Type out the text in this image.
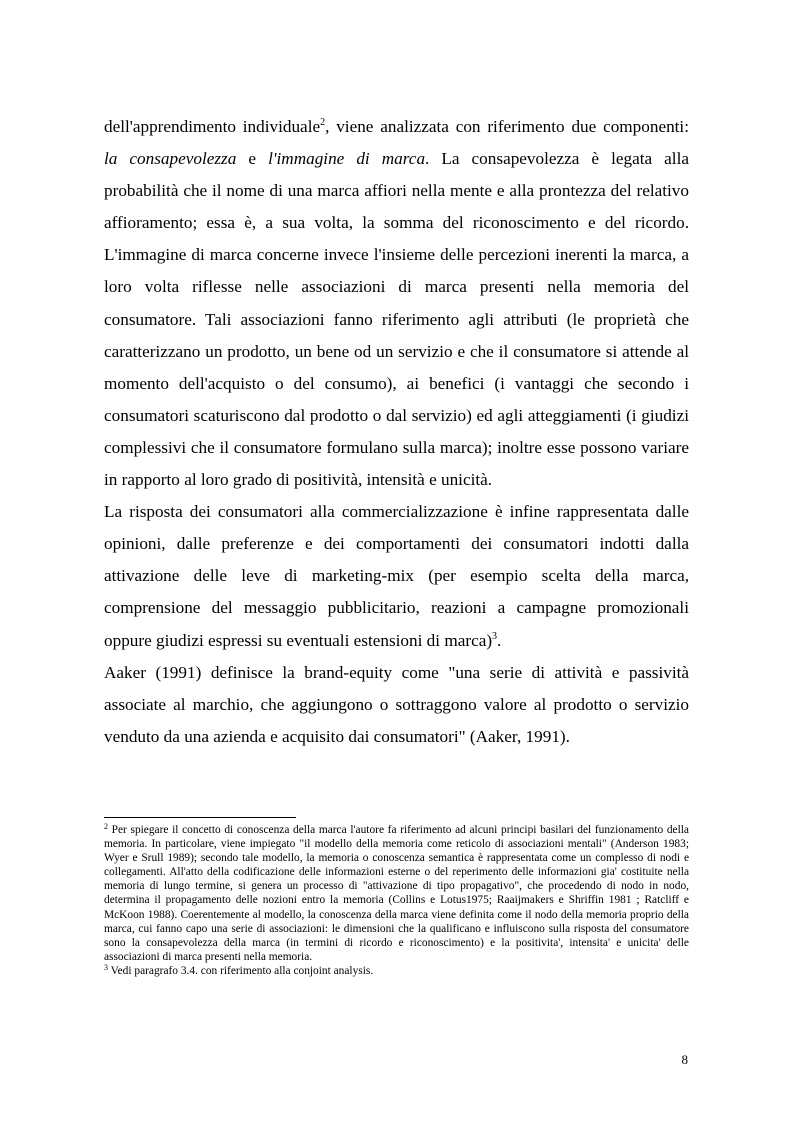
dell'apprendimento individuale$^2$, viene analizzata con riferimento due componenti: la consapevolezza e l'immagine di marca. La consapevolezza è legata alla probabilità che il nome di una marca affiori nella mente e alla prontezza del relativo affioramento; essa è, a sua volta, la somma del riconoscimento e del ricordo. L'immagine di marca concerne invece l'insieme delle percezioni inerenti la marca, a loro volta riflesse nelle associazioni di marca presenti nella memoria del consumatore. Tali associazioni fanno riferimento agli attributi (le proprietà che caratterizzano un prodotto, un bene od un servizio e che il consumatore si attende al momento dell'acquisto o del consumo), ai benefici (i vantaggi che secondo i consumatori scaturiscono dal prodotto o dal servizio) ed agli atteggiamenti (i giudizi complessivi che il consumatore formulano sulla marca); inoltre esse possono variare in rapporto al loro grado di positività, intensità e unicità.

La risposta dei consumatori alla commercializzazione è infine rappresentata dalle opinioni, dalle preferenze e dei comportamenti dei consumatori indotti dalla attivazione delle leve di marketing-mix (per esempio scelta della marca, comprensione del messaggio pubblicitario, reazioni a campagne promozionali oppure giudizi espressi su eventuali estensioni di marca)$^3$.

Aaker (1991) definisce la brand-equity come "una serie di attività e passività associate al marchio, che aggiungono o sottraggono valore al prodotto o servizio venduto da una azienda e acquisito dai consumatori" (Aaker, 1991).

$^2$ Per spiegare il concetto di conoscenza della marca l'autore fa riferimento ad alcuni principi basilari del funzionamento della memoria. In particolare, viene impiegato "il modello della memoria come reticolo di associazioni mentali" (Anderson 1983; Wyer e Srull 1989); secondo tale modello, la memoria o conoscenza semantica è rappresentata come un complesso di nodi e collegamenti. All'atto della codificazione delle informazioni esterne o del reperimento delle informazioni gia' costituite nella memoria di lungo termine, si genera un processo di "attivazione di tipo propagativo", che procedendo di nodo in nodo, determina il propagamento delle nozioni entro la memoria (Collins e Lotus1975; Raaijmakers e Shriffin 1981 ; Ratcliff e McKoon 1988). Coerentemente al modello, la conoscenza della marca viene definita come il nodo della memoria proprio della marca, cui fanno capo una serie di associazioni: le dimensioni che la qualificano e influiscono sulla risposta del consumatore sono la consapevolezza della marca (in termini di ricordo e riconoscimento) e la positivita', intensita' e unicita' delle associazioni di marca presenti nella memoria.

$^3$ Vedi paragrafo 3.4. con riferimento alla conjoint analysis.

8
